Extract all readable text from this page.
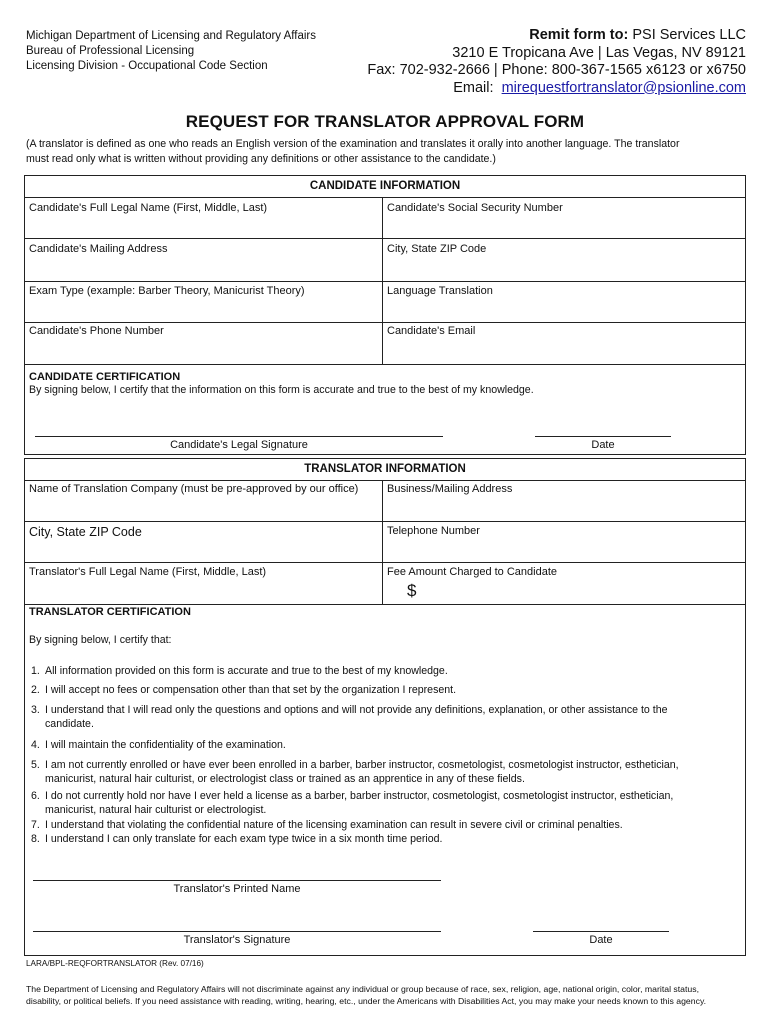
Michigan Department of Licensing and Regulatory Affairs
Bureau of Professional Licensing
Licensing Division - Occupational Code Section
Remit form to: PSI Services LLC
3210 E Tropicana Ave | Las Vegas, NV 89121
Fax: 702-932-2666 | Phone: 800-367-1565 x6123 or x6750
Email: mirequestfortranslator@psionline.com
REQUEST FOR TRANSLATOR APPROVAL FORM
(A translator is defined as one who reads an English version of the examination and translates it orally into another language. The translator
must read only what is written without providing any definitions or other assistance to the candidate.)
CANDIDATE INFORMATION
Candidate's Full Legal Name (First, Middle, Last)	Candidate's Social Security Number
Candidate's Mailing Address	City, State ZIP Code
Exam Type (example: Barber Theory, Manicurist Theory)	Language Translation
Candidate's Phone Number	Candidate's Email
CANDIDATE CERTIFICATION
By signing below, I certify that the information on this form is accurate and true to the best of my knowledge.
Candidate's Legal Signature	Date
TRANSLATOR INFORMATION
Name of Translation Company (must be pre-approved by our office)	Business/Mailing Address
City, State ZIP Code	Telephone Number
Translator's Full Legal Name (First, Middle, Last)	Fee Amount Charged to Candidate
$
TRANSLATOR CERTIFICATION
By signing below, I certify that:
1. All information provided on this form is accurate and true to the best of my knowledge.
2. I will accept no fees or compensation other than that set by the organization I represent.
3. I understand that I will read only the questions and options and will not provide any definitions, explanation, or other assistance to the
candidate.
4. I will maintain the confidentiality of the examination.
5. I am not currently enrolled or have ever been enrolled in a barber, barber instructor, cosmetologist, cosmetologist instructor, esthetician,
manicurist, natural hair culturist, or electrologist class or trained as an apprentice in any of these fields.
6. I do not currently hold nor have I ever held a license as a barber, barber instructor, cosmetologist, cosmetologist instructor, esthetician,
manicurist, natural hair culturist or electrologist.
7. I understand that violating the confidential nature of the licensing examination can result in severe civil or criminal penalties.
8. I understand I can only translate for each exam type twice in a six month time period.
Translator's Printed Name
Translator's Signature	Date
LARA/BPL-REQFORTRANSLATOR (Rev. 07/16)
The Department of Licensing and Regulatory Affairs will not discriminate against any individual or group because of race, sex, religion, age, national origin, color, marital status,
disability, or political beliefs. If you need assistance with reading, writing, hearing, etc., under the Americans with Disabilities Act, you may make your needs known to this agency.
